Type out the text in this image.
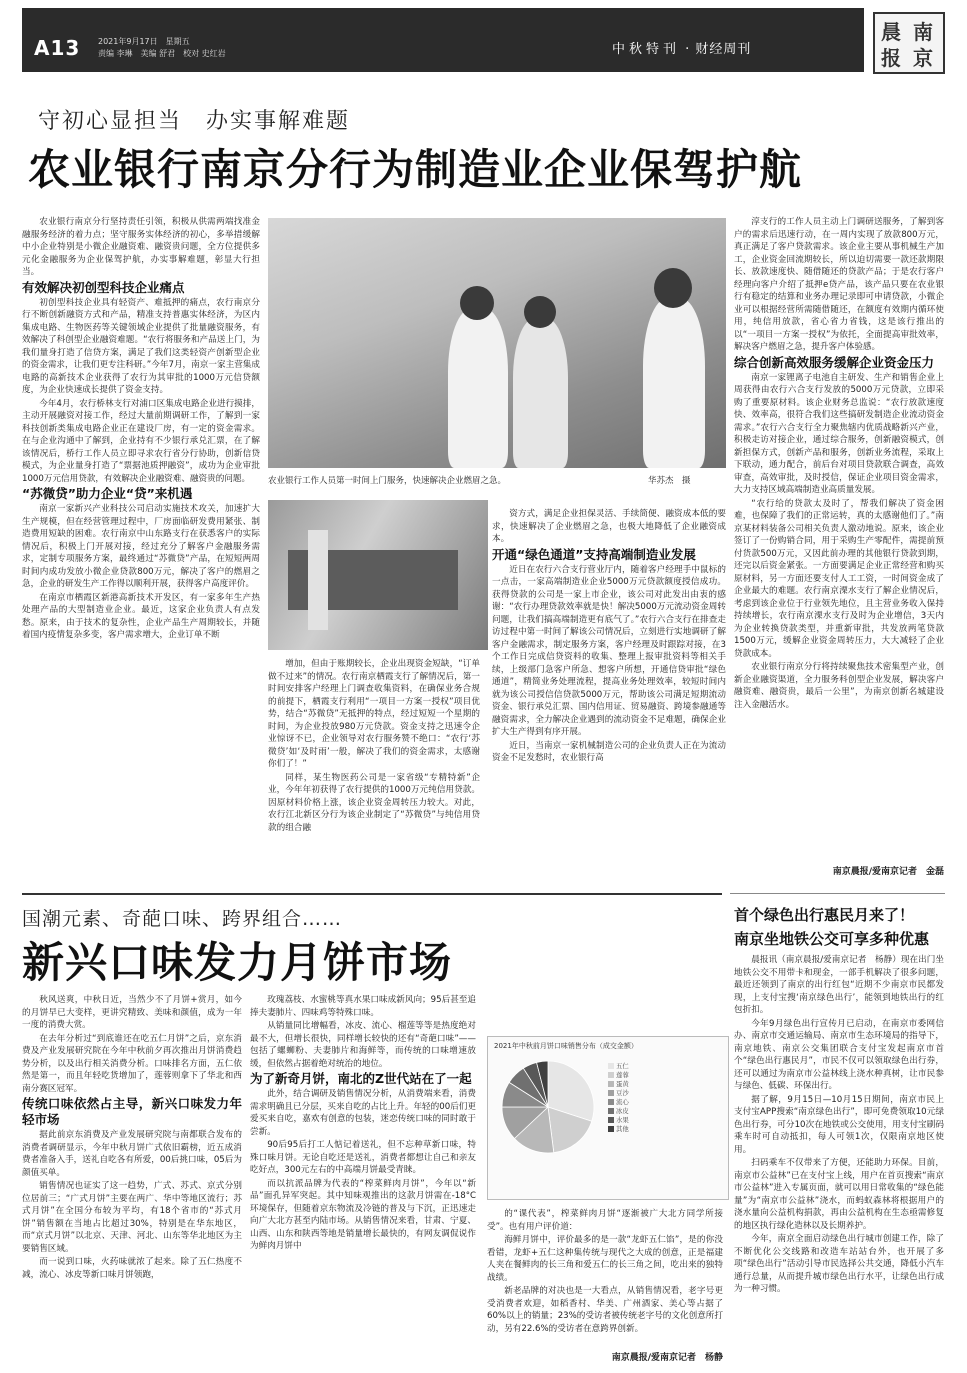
A13 2021年9月17日　星期五
责编 李琳　美编 舒君　校对 史红岩	中秋特刊 · 财经周刊
晨 南
报 京
守初心显担当　办实事解难题
农业银行南京分行为制造业企业保驾护航

农业银行南京分行坚持责任引领，积极从供需两端找准金融服务经济的着力点；坚守服务实体经济的初心，多举措缓解中小企业特别是小微企业融资难、融资贵问题，全方位提供多元化金融服务为企业保驾护航，办实事解难题，彰显大行担当。

有效解决初创型科技企业痛点

初创型科技企业具有轻资产、难抵押的痛点，农行南京分行不断创新融资方式和产品，精准支持普惠实体经济，为区内集成电路、生物医药等关键领域企业提供了批量融资服务，有效解决了科创型企业融资难题。“农行将服务和产品送上门，为我们量身打造了信贷方案，满足了我们这类轻资产创新型企业的资金需求，让我们更专注科研。”今年7月，南京一家主营集成电路的高新技术企业获得了农行为其审批的1000万元信贷额度，为企业快速成长提供了资金支持。

今年4月，农行桥林支行对浦口区集成电路企业进行摸排，主动开展融资对接工作，经过大量前期调研工作，了解到一家科技创新类集成电路企业正在建设厂房，有一定的资金需求。在与企业沟通中了解到，企业持有不少银行承兑汇票，在了解该情况后，桥行工作人员立即寻求农行省分行协助，创新信贷模式，为企业量身打造了“票据池质押融资”，成功为企业审批1000万元信用贷款，有效解决企业融资难、融资贵的问题。

“苏微贷”助力企业“贷”来机遇

南京一家新兴产业科技公司启动实施技术攻关，加速扩大生产规模，但在经营管理过程中，厂房面临研发费用紧张、制造费用短缺的困难。农行南京中山东路支行在获悉客户的实际情况后，积极上门开展对接，经过充分了解客户金融服务需求，定制专项服务方案，最终通过“苏微贷”产品，在短短两周时间内成功发放小微企业贷款800万元，解决了客户的燃眉之急，企业的研发生产工作得以顺利开展，获得客户高度评价。

在南京市栖霞区新港高新技术开发区，有一家多年生产热处理产品的大型制造业企业。最近，这家企业负责人有点发愁。原来，由于技术的复杂性，企业产品生产周期较长，并随着国内疫情复杂多变，客户需求增大，企业订单不断

增加，但由于账期较长，企业出现资金短缺，“订单做不过来”的情况。农行南京栖霞支行了解情况后，第一时间安排客户经理上门调查收集资料，在确保业务合规的前提下，栖霞支行利用“一项目一方案一授权”项目优势，结合“苏微贷”无抵押的特点，经过短短一个星期的时间，为企业投放980万元贷款。资金支持之迅速令企业惊讶不已，企业领导对农行服务赞不绝口：“农行‘苏微贷’如‘及时雨’一般，解决了我们的资金需求，太感谢你们了！”

同样，某生物医药公司是一家省级“专精特新”企业，今年年初获得了农行提供的1000万元纯信用贷款。因原材料价格上涨，该企业资金周转压力较大。对此，农行江北新区分行为该企业制定了“苏微贷”与纯信用贷款的组合融

资方式，满足企业担保灵活、手续简便、融资成本低的要求，快速解决了企业燃眉之急，也极大地降低了企业融资成本。

开通“绿色通道”支持高端制造业发展

近日在农行六合支行营业厅内，随着客户经理手中鼠标的一点击，一家高端制造业企业5000万元贷款额度授信成功。获得贷款的公司是一家上市企业，该公司对此发出由衷的感谢：“农行办理贷款效率就是快！解决5000万元流动资金周转问题，让我们搞高端制造更有底气了。”农行六合支行在排查走访过程中第一时间了解该公司情况后，立刻进行实地调研了解客户金融需求，制定服务方案，客户经理及时跟踪对接，在3个工作日完成信贷资料的收集、整理上报审批资料等相关手续，上级部门急客户所急、想客户所想，开通信贷审批“绿色通道”，精简业务处理流程，提高业务处理效率，较短时间内就为该公司授信信贷款5000万元，帮助该公司满足短期流动资金、银行承兑汇票、国内信用证、贸易融资、跨境参融通等融资需求，全力解决企业遇到的流动资金不足难题，确保企业扩大生产得到有序开展。

近日，当南京一家机械制造公司的企业负责人正在为流动资金不足发愁时，农业银行高

淳支行的工作人员主动上门调研送服务，了解到客户的需求后迅速行动，在一周内实现了放款800万元，真正满足了客户贷款需求。该企业主要从事机械生产加工，企业资金回流期较长，所以迫切需要一款还款期限长、放款速度快、随借随还的贷款产品；于是农行客户经理向客户介绍了抵押e贷产品，该产品只要在农业银行有稳定的结算和业务办理记录即可申请贷款，小微企业可以根据经营所需随借随还，在额度有效期内循环使用，纯信用放款，省心省力省钱，这是该行推出的以“一项目一方案一授权”为依托，全面提高审批效率，解决客户燃眉之急，提升客户体验感。

综合创新高效服务缓解企业资金压力

南京一家锂离子电池自主研发、生产和销售企业上周获得由农行六合支行发放的5000万元贷款，立即采购了重要原材料。该企业财务总监说：“农行放款速度快、效率高，很符合我们这些搞研发制造企业流动资金需求。”农行六合支行全力聚焦辖内优质战略新兴产业，积极走访对接企业，通过综合服务，创新融资模式，创新担保方式，创新产品和服务，创新业务流程，采取上下联动，通力配合，前后台对项目贷款联合调查，高效审查，高效审批，及时授信，保证企业项目资金需求，大力支持区域高端制造业高质量发展。

“农行给的贷款太及时了，帮我们解决了资金困难，也保障了我们的正常运转，真的太感谢他们了。”南京某材料装备公司相关负责人激动地说。原来，该企业签订了一份购销合同，用于采购生产零配件，需提前预付货款500万元，又因此前办理的其他银行贷款到期，还完以后资金紧张。一方面要满足企业正常经营和购买原材料，另一方面还要支付人工工资，一时间资金成了企业最大的难题。农行南京溧水支行了解企业情况后，考虑到该企业位于行业领先地位，且主营业务收入保持持续增长，农行南京溧水支行及时为企业增信，3天内为企业转换贷款类型，并重新审批，共发放两笔贷款1500万元，缓解企业资金周转压力，大大减轻了企业贷款成本。

农业银行南京分行将持续聚焦技术密集型产业，创新企业融资渠道，全力服务科创型企业发展，解决客户融资难、融资贵，最后一公里”，为南京创新名城建设注入金融活水。

南京晨报/爱南京记者　金磊
农业银行工作人员第一时间上门服务，快速解决企业燃眉之急。	华苏杰　摄
国潮元素、奇葩口味、跨界组合……
新兴口味发力月饼市场

秋风送爽，中秋日近，当然少不了月饼+赏月，如今的月饼早已大变样，更讲究精致、美味和颜值，成为一年一度的消费大赏。

在去年分析过“到底谁还在吃五仁月饼”之后，京东消费及产业发展研究院在今年中秋前夕再次推出月饼消费趋势分析，以及出行相关消费分析。口味排名方面，五仁依然是第一，而且年轻吃货增加了，莲蓉则拿下了华北和西南分赛区冠军。

传统口味依然占主导，新兴口味发力年轻市场

据此前京东消费及产业发展研究院与南都联合发布的消费者调研显示，今年中秋月饼广式依旧霸榜，近五成消费者准备入手，送礼自吃各有所爱，00后挑口味，05后为颜值买单。

销售情况也证实了这一趋势，广式、苏式、京式分别位居前三；“广式月饼”主要在两广、华中等地区流行；苏式月饼”在全国分布较为平均，有18个省市的“苏式月饼”销售额在当地占比超过30%，特别是在华东地区，而“京式月饼”以北京、天津、河北、山东等华北地区为主要销售区域。

而一说到口味，火药味就浓了起来。除了五仁热度不减，流心、冰皮等新口味月饼领跑，

玫瑰荔枝、水蜜桃等真水果口味成新风向；95后甚至追捧夫妻肺片、四味鸡等特殊口味。

从销量同比增幅看，冰皮、流心、榴莲等等是热度绝对最不大，但增长很快，同样增长较快的还有“奇葩口味”——包括了螺蛳粉、夫妻肺片和海鲜等，而传统的口味增速放缓，但依然占据着绝对统治的地位。

为了新奇月饼，南北的Z世代站在了一起

此外，结合调研及销售情况分析，从消费端来看，消费需求明确且已分层，买来自吃的占比上升。年轻的00后们更爱买来自吃，嘉欢有创意的包装，迷恋传统口味的同时敢于尝新。

90后95后打工人惦记着送礼，但不忘种草新口味，特殊口味月饼。无论自吃还是送礼，消费者都想让自己和亲友吃好点，300元左右的中高端月饼最受青睐。

而以抗派品牌为代表的“榨菜鲜肉月饼”，今年以“新品”面孔异军突起。其中知味观推出的这款月饼需在-18°C环境保存，但随着京东物流及冷链的普及与下沉，正迅速走向广大北方甚至内陆市场。从销售情况来看，甘肃、宁夏、山西、山东和陕西等地是销量增长最快的，有网友调侃说作为鲜肉月饼中

的“课代表”，榨菜鲜肉月饼“逐渐被广大北方同学所接受”。也有用户评价道：

海鲜月饼中，评价最多的是一款“龙虾五仁馅”，是的你没看错，龙虾+五仁这种集传统与现代之大成的创意，正是福建人夹在餐鲜肉的长三角和爱五仁的长三角之间，吃出来的独特战绩。

新老品牌的对决也是一大看点，从销售情况看，老字号更受消费者欢迎，如稻香村、华美、广州酒家、美心等占据了60%以上的销量；23%的受访者被传统老字号的文化创意所打动，另有22.6%的受访者在意跨界创新。

南京晨报/爱南京记者　杨静
2021年中秋前月饼口味销售分布（成交金额）
五仁
莲蓉
蛋黄
豆沙
流心
冰皮
水果
其他
首个绿色出行惠民月来了！
南京坐地铁公交可享多种优惠

晨报讯（南京晨报/爱南京记者　杨静）现在出门坐地铁公交不用带卡和现金，一部手机解决了很多问题，最近还领到了南京的出行红包“近期不少南京市民都发现，上支付宝搜‘南京绿色出行’，能领到地铁出行的红包折扣。

今年9月绿色出行宣传月已启动，在南京市委网信办、南京市交通运输局、南京市生态环境局的指导下，南京地铁、南京公交集团联合支付宝发起南京市首个“绿色出行惠民月”，市民不仅可以领取绿色出行券，还可以通过为南京市公益林线上浇水种真树，让市民参与绿色、低碳、环保出行。

据了解，9月15日—10月15日期间，南京市民上支付宝APP搜索“南京绿色出行”，即可免费领取10元绿色出行券，可分10次在地铁或公交使用，用支付宝刷码乘车时可自动抵扣，每人可领1次，仅限南京地区使用。

扫码乘车不仅带来了方便，还能助力环保。目前，南京市公益林”已在支付宝上线，用户在首页搜索“南京市公益林”进入专属页面，就可以用日常收集的“绿色能量”为“南京市公益林”浇水，而蚂蚁森林将根据用户的浇水量向公益机构捐款，再由公益机构在生态亟需修复的地区执行绿化造林以及长期养护。

今年，南京全面启动绿色出行城市创建工作，除了不断优化公交线路和改造车站站台外，也开展了多项“绿色出行”活动引导市民选择公共交通，降低小汽车通行总量，从而提升城市绿色出行水平，让绿色出行成为一种习惯。
